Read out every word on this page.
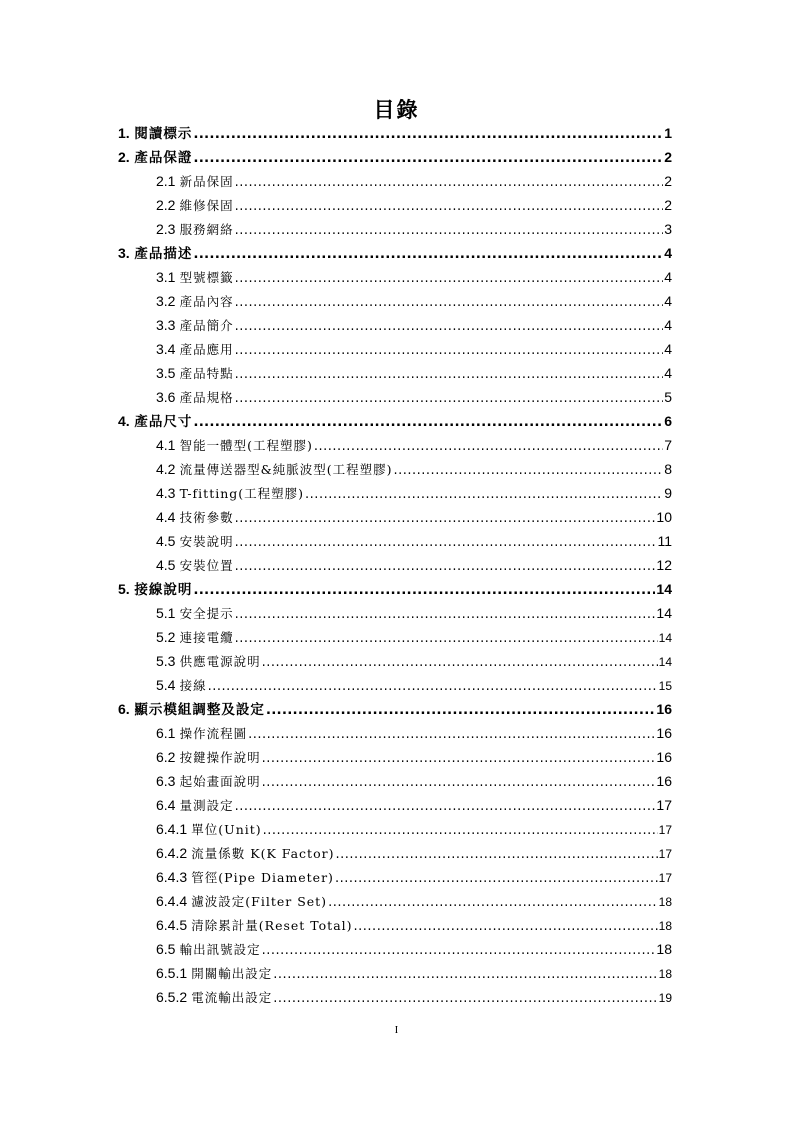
目錄
1. 閱讀標示 .....	1
2. 產品保證 .....	2
2.1 新品保固 .....	2
2.2 維修保固 .....	2
2.3 服務網絡 .....	3
3. 產品描述 .....	4
3.1 型號標籤 .....	4
3.2 產品內容 .....	4
3.3 產品簡介 .....	4
3.4 產品應用 .....	4
3.5 產品特點 .....	4
3.6 產品規格 .....	5
4. 產品尺寸 .....	6
4.1 智能一體型(工程塑膠) .....	7
4.2 流量傳送器型&純脈波型(工程塑膠) .....	8
4.3 T-fitting(工程塑膠) .....	9
4.4 技術參數 .....	10
4.5 安裝說明 .....	11
4.5 安裝位置 .....	12
5. 接線說明 .....	14
5.1 安全提示 .....	14
5.2 連接電纜 .....	14
5.3 供應電源說明 .....	14
5.4 接線 .....	15
6. 顯示模組調整及設定 .....	16
6.1 操作流程圖 .....	16
6.2 按鍵操作說明 .....	16
6.3 起始畫面說明 .....	16
6.4 量測設定 .....	17
6.4.1 單位(Unit) .....	17
6.4.2 流量係數 K(K Factor) .....	17
6.4.3 管徑(Pipe Diameter) .....	17
6.4.4 濾波設定(Filter Set) .....	18
6.4.5 清除累計量(Reset Total) .....	18
6.5 輸出訊號設定 .....	18
6.5.1 開關輸出設定 .....	18
6.5.2 電流輸出設定 .....	19
I
